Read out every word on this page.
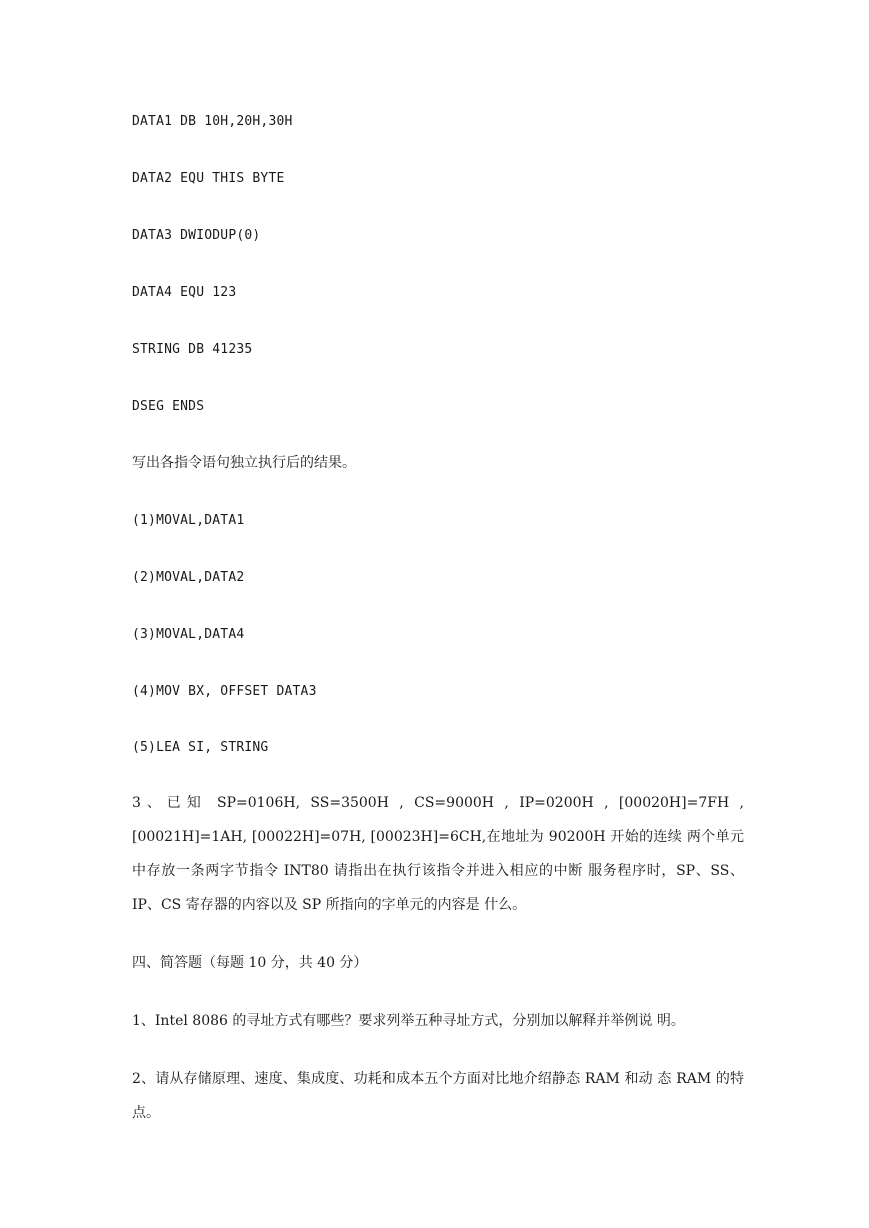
DATA1 DB 10H,20H,30H
DATA2 EQU THIS BYTE
DATA3 DWIODUP(0)
DATA4 EQU 123
STRING DB 41235
DSEG ENDS
写出各指令语句独立执行后的结果。
(1)MOVAL,DATA1
(2)MOVAL,DATA2
(3)MOVAL,DATA4
(4)MOV BX, OFFSET DATA3
(5)LEA SI, STRING
3、已知 SP=0106H, SS=3500H , CS=9000H , IP=0200H , [00020H]=7FH , [00021H]=1AH, [00022H]=07H, [00023H]=6CH,在地址为 90200H 开始的连续 两个单元中存放一条两字节指令 INT80 请指出在执行该指令并进入相应的中断 服务程序时，SP、SS、IP、CS 寄存器的内容以及 SP 所指向的字单元的内容是 什么。
四、简答题（每题 10 分，共 40 分）
1、Intel 8086 的寻址方式有哪些？要求列举五种寻址方式，分别加以解释并举例说 明。
2、请从存储原理、速度、集成度、功耗和成本五个方面对比地介绍静态 RAM 和动 态 RAM 的特点。
